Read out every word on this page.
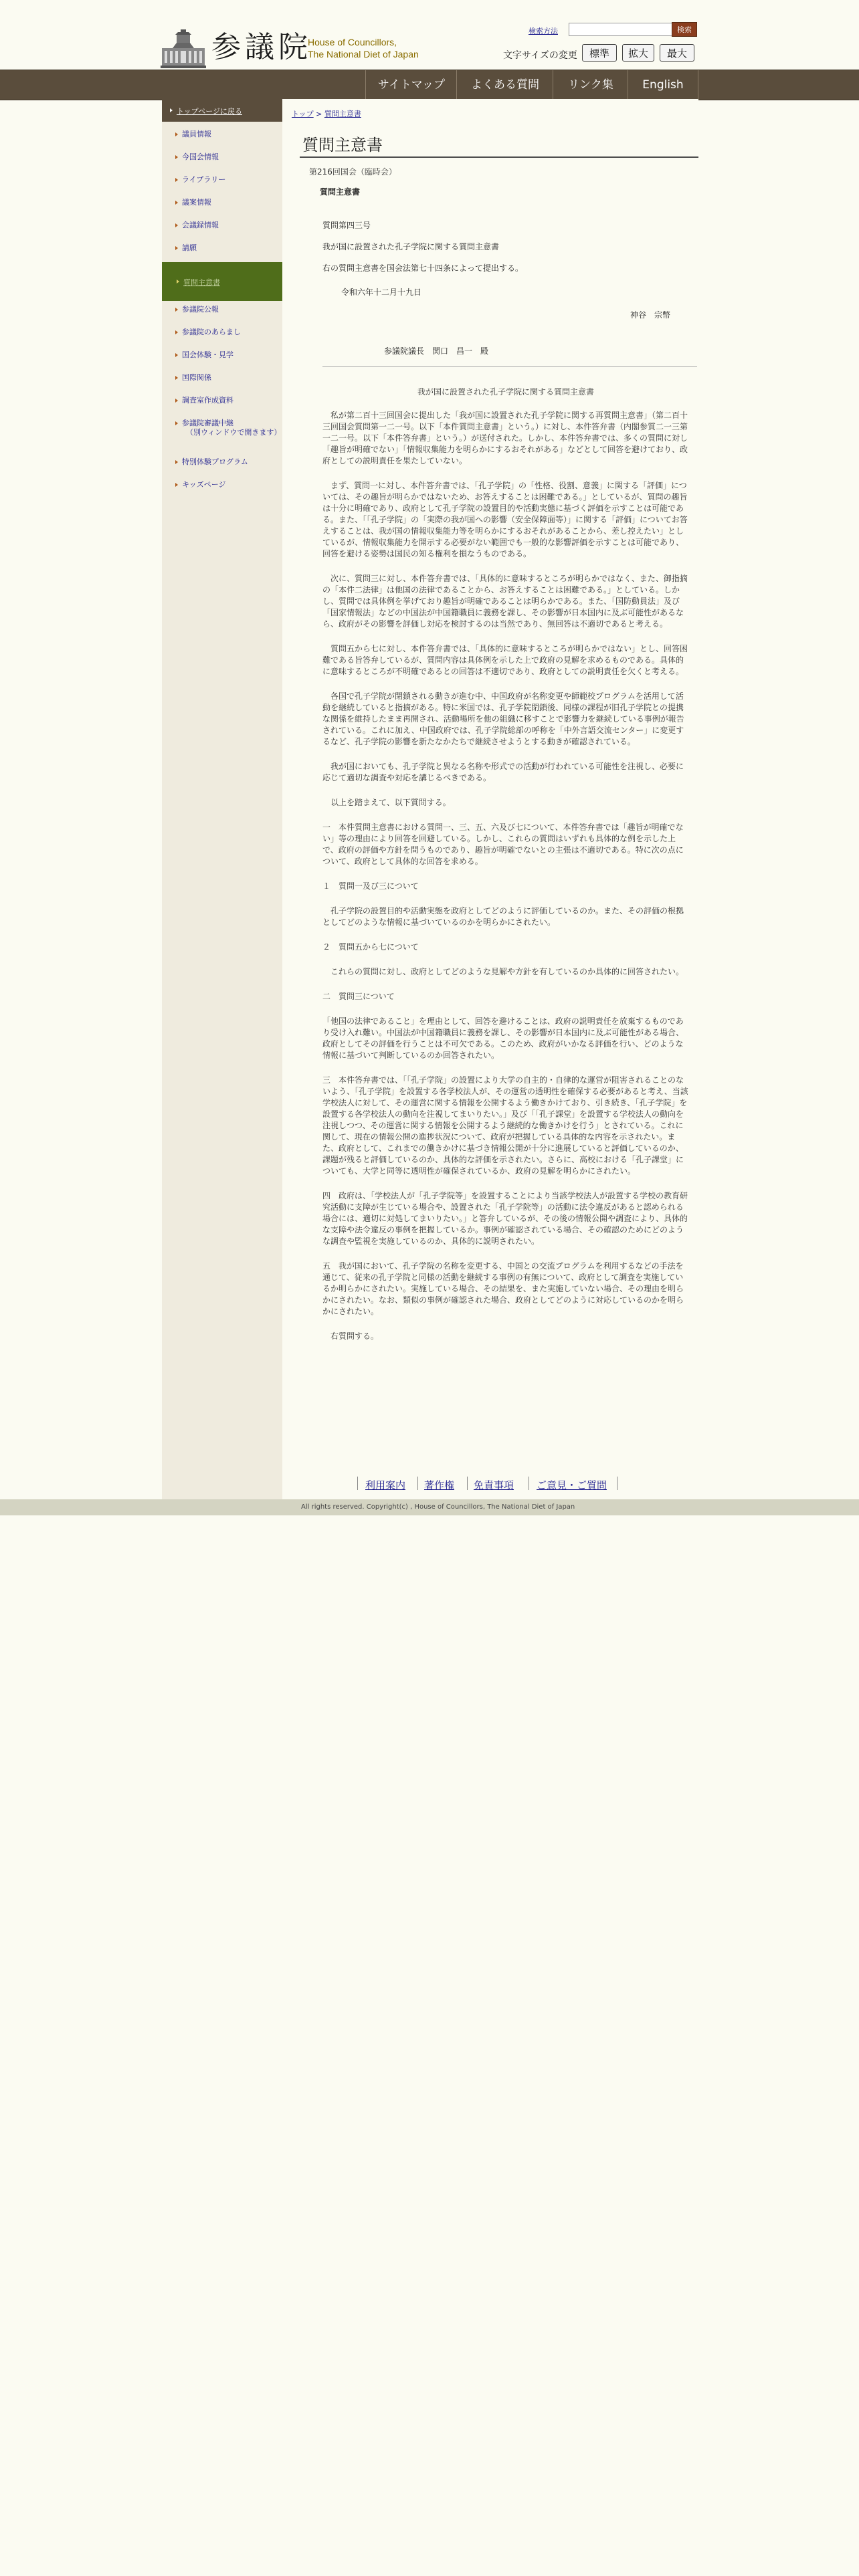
参議院
House of Councillors,
The National Diet of Japan
検索方法	検索
文字サイズの変更	標準	拡大	最大
サイトマップ	よくある質問	リンク集	English
トップページに戻る
議員情報
今国会情報
ライブラリー
議案情報
会議録情報
請願
質問主意書
参議院公報
参議院のあらまし
国会体験・見学
国際関係
調査室作成資料
参議院審議中継
（別ウィンドウで開きます）
特別体験プログラム
キッズページ
トップ > 質問主意書
質問主意書
第216回国会（臨時会）
質問主意書
質問第四三号
我が国に設置された孔子学院に関する質問主意書
右の質問主意書を国会法第七十四条によって提出する。
令和六年十二月十九日
神谷　宗幣
参議院議長　関口　昌一　殿
我が国に設置された孔子学院に関する質問主意書

　私が第二百十三回国会に提出した「我が国に設置された孔子学院に関する再質問主意書」（第二百十三回国会質問第一二一号。以下「本件質問主意書」という。）に対し、本件答弁書（内閣参質二一三第一二一号。以下「本件答弁書」という。）が送付された。しかし、本件答弁書では、多くの質問に対し「趣旨が明確でない」「情報収集能力を明らかにするおそれがある」などとして回答を避けており、政府としての説明責任を果たしていない。

　まず、質問一に対し、本件答弁書では、「孔子学院」の「性格、役割、意義」に関する「評価」については、その趣旨が明らかではないため、お答えすることは困難である。」としているが、質問の趣旨は十分に明確であり、政府として孔子学院の設置目的や活動実態に基づく評価を示すことは可能である。また、「「孔子学院」の「実際の我が国への影響（安全保障面等）」に関する「評価」についてお答えすることは、我が国の情報収集能力等を明らかにするおそれがあることから、差し控えたい」としているが、情報収集能力を開示する必要がない範囲でも一般的な影響評価を示すことは可能であり、回答を避ける姿勢は国民の知る権利を損なうものである。

　次に、質問三に対し、本件答弁書では、「具体的に意味するところが明らかではなく、また、御指摘の「本件二法律」は他国の法律であることから、お答えすることは困難である。」としている。しかし、質問では具体例を挙げており趣旨が明確であることは明らかである。また、「国防動員法」及び「国家情報法」などの中国法が中国籍職員に義務を課し、その影響が日本国内に及ぶ可能性があるなら、政府がその影響を評価し対応を検討するのは当然であり、無回答は不適切であると考える。

　質問五から七に対し、本件答弁書では、「具体的に意味するところが明らかではない」とし、回答困難である旨答弁しているが、質問内容は具体例を示した上で政府の見解を求めるものである。具体的に意味するところが不明確であるとの回答は不適切であり、政府としての説明責任を欠くと考える。

　各国で孔子学院が閉鎖される動きが進む中、中国政府が名称変更や師範校プログラムを活用して活動を継続していると指摘がある。特に米国では、孔子学院閉鎖後、同様の課程が旧孔子学院との提携な関係を維持したまま再開され、活動場所を他の組織に移すことで影響力を継続している事例が報告されている。これに加え、中国政府では、孔子学院総部の呼称を「中外言語交流センター」に変更するなど、孔子学院の影響を新たなかたちで継続させようとする動きが確認されている。

　我が国においても、孔子学院と異なる名称や形式での活動が行われている可能性を注視し、必要に応じて適切な調査や対応を講じるべきである。

　以上を踏まえて、以下質問する。

一　本件質問主意書における質問一、三、五、六及び七について、本件答弁書では「趣旨が明確でない」等の理由により回答を回避している。しかし、これらの質問はいずれも具体的な例を示した上で、政府の評価や方針を問うものであり、趣旨が明確でないとの主張は不適切である。特に次の点について、政府として具体的な回答を求める。

１　質問一及び三について

　孔子学院の設置目的や活動実態を政府としてどのように評価しているのか。また、その評価の根拠としてどのような情報に基づいているのかを明らかにされたい。

２　質問五から七について

　これらの質問に対し、政府としてどのような見解や方針を有しているのか具体的に回答されたい。

二　質問三について

「他国の法律であること」を理由として、回答を避けることは、政府の説明責任を放棄するものであり受け入れ難い。中国法が中国籍職員に義務を課し、その影響が日本国内に及ぶ可能性がある場合、政府としてその評価を行うことは不可欠である。このため、政府がいかなる評価を行い、どのような情報に基づいて判断しているのか回答されたい。

三　本件答弁書では、「「孔子学院」の設置により大学の自主的・自律的な運営が阻害されることのないよう、「孔子学院」を設置する各学校法人が、その運営の透明性を確保する必要があると考え、当該学校法人に対して、その運営に関する情報を公開するよう働きかけており、引き続き、「孔子学院」を設置する各学校法人の動向を注視してまいりたい。」及び「「孔子課堂」を設置する学校法人の動向を注視しつつ、その運営に関する情報を公開するよう継続的な働きかけを行う」とされている。これに関して、現在の情報公開の進捗状況について、政府が把握している具体的な内容を示されたい。また、政府として、これまでの働きかけに基づき情報公開が十分に進展していると評価しているのか、課題が残ると評価しているのか、具体的な評価を示されたい。さらに、高校における「孔子課堂」についても、大学と同等に透明性が確保されているか、政府の見解を明らかにされたい。

四　政府は、「学校法人が「孔子学院等」を設置することにより当該学校法人が設置する学校の教育研究活動に支障が生じている場合や、設置された「孔子学院等」の活動に法令違反があると認められる場合には、適切に対処してまいりたい。」と答弁しているが、その後の情報公開や調査により、具体的な支障や法令違反の事例を把握しているか。事例が確認されている場合、その確認のためにどのような調査や監視を実施しているのか、具体的に説明されたい。

五　我が国において、孔子学院の名称を変更する、中国との交流プログラムを利用するなどの手法を通じて、従来の孔子学院と同様の活動を継続する事例の有無について、政府として調査を実施しているか明らかにされたい。実施している場合、その結果を、また実施していない場合、その理由を明らかにされたい。なお、類似の事例が確認された場合、政府としてどのように対応しているのかを明らかにされたい。

　右質問する。

利用案内 著作権 免責事項 ご意見・ご質問
All rights reserved. Copyright(c) , House of Councillors, The National Diet of Japan
